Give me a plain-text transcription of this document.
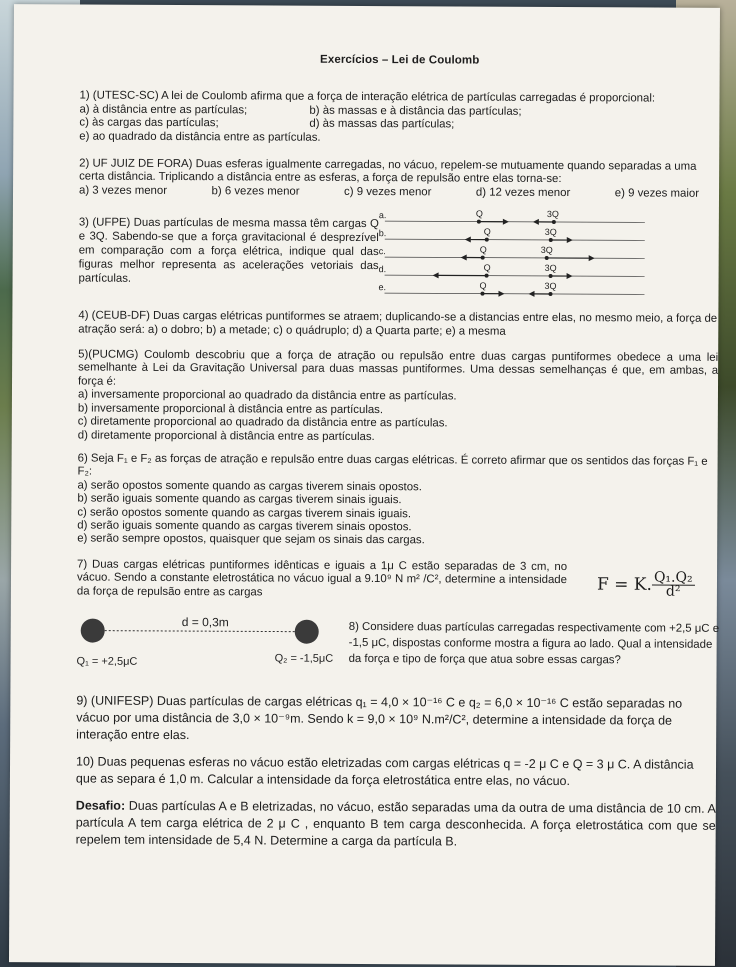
Exercícios – Lei de Coulomb

1) (UTESC-SC) A lei de Coulomb afirma que a força de interação elétrica de partículas carregadas é proporcional:

a) à distância entre as partículas;	b) às massas e à distância das partículas;

c) às cargas das partículas;	d) às massas das partículas;

e) ao quadrado da distância entre as partículas.

2) UF JUIZ DE FORA) Duas esferas igualmente carregadas, no vácuo, repelem-se mutuamente quando separadas a uma certa distância. Triplicando a distância entre as esferas, a força de repulsão entre elas torna-se:

a) 3 vezes menor	b) 6 vezes menor	c) 9 vezes menor	d) 12 vezes menor	e) 9 vezes maior

3) (UFPE) Duas partículas de mesma massa têm cargas Q e 3Q. Sabendo-se que a força gravitacional é desprezível em comparação com a força elétrica, indique qual das figuras melhor representa as acelerações vetoriais das partículas.

a.	Q	3Q
b.	Q	3Q
c.	Q	3Q
d.	Q	3Q
e.	Q	3Q

4) (CEUB-DF) Duas cargas elétricas puntiformes se atraem; duplicando-se a distancias entre elas, no mesmo meio, a força de atração será: a) o dobro; b) a metade; c) o quádruplo; d) a Quarta parte; e) a mesma

5)(PUCMG) Coulomb descobriu que a força de atração ou repulsão entre duas cargas puntiformes obedece a uma lei semelhante à Lei da Gravitação Universal para duas massas puntiformes. Uma dessas semelhanças é que, em ambas, a força é:

a) inversamente proporcional ao quadrado da distância entre as partículas.

b) inversamente proporcional à distância entre as partículas.

c) diretamente proporcional ao quadrado da distância entre as partículas.

d) diretamente proporcional à distância entre as partículas.

6) Seja F₁ e F₂ as forças de atração e repulsão entre duas cargas elétricas. É correto afirmar que os sentidos das forças F₁ e F₂:

a) serão opostos somente quando as cargas tiverem sinais opostos.

b) serão iguais somente quando as cargas tiverem sinais iguais.

c) serão opostos somente quando as cargas tiverem sinais iguais.

d) serão iguais somente quando as cargas tiverem sinais opostos.

e) serão sempre opostos, quaisquer que sejam os sinais das cargas.

7) Duas cargas elétricas puntiformes idênticas e iguais a 1μ C estão separadas de 3 cm, no vácuo. Sendo a constante eletrostática no vácuo igual a 9.10⁹ N m² /C², determine a intensidade da força de repulsão entre as cargas	F = K. $\frac{\text{Q₁.Q₂}}{\text{d²}}$
d = 0,3m
Q₁ = +2,5μC	Q₂ = -1,5μC

8) Considere duas partículas carregadas respectivamente com +2,5 μC e -1,5 μC, dispostas conforme mostra a figura ao lado. Qual a intensidade da força e tipo de força que atua sobre essas cargas?

9) (UNIFESP) Duas partículas de cargas elétricas q₁ = 4,0 × 10⁻¹⁶ C e q₂ = 6,0 × 10⁻¹⁶ C estão separadas no vácuo por uma distância de 3,0 × 10⁻⁹m. Sendo k = 9,0 × 10⁹ N.m²/C², determine a intensidade da força de interação entre elas.

10) Duas pequenas esferas no vácuo estão eletrizadas com cargas elétricas q = -2 μ C e Q = 3 μ C. A distância que as separa é 1,0 m. Calcular a intensidade da força eletrostática entre elas, no vácuo.

Desafio: Duas partículas A e B eletrizadas, no vácuo, estão separadas uma da outra de uma distância de 10 cm. A partícula A tem carga elétrica de 2 μ C , enquanto B tem carga desconhecida. A força eletrostática com que se repelem tem intensidade de 5,4 N. Determine a carga da partícula B.
